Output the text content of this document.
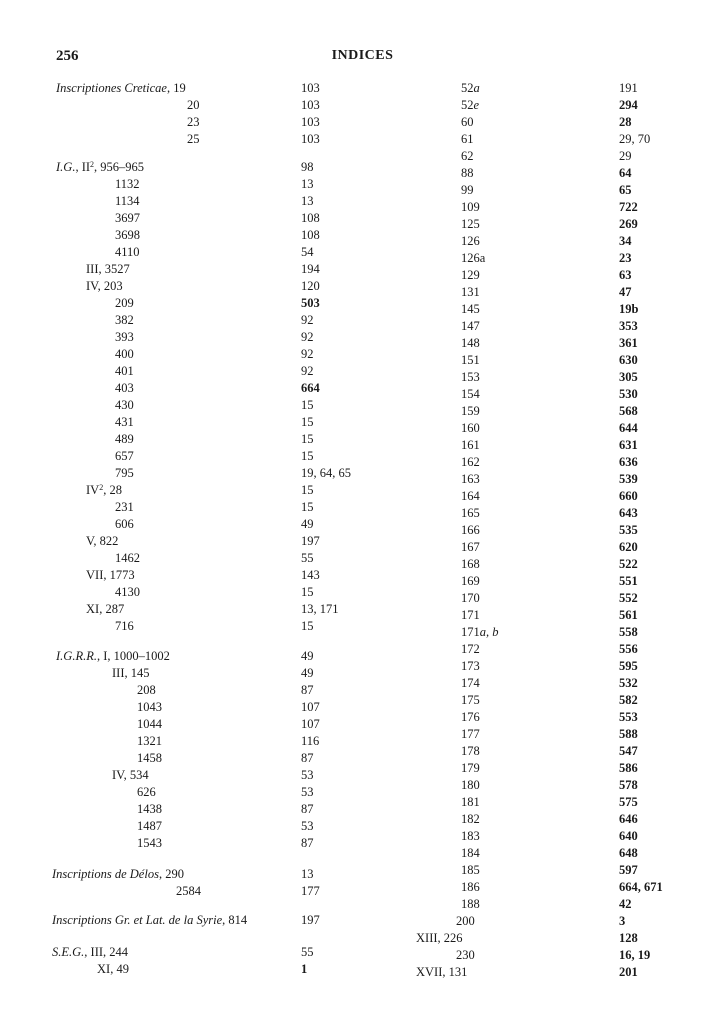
256	INDICES
Inscriptiones Creticae, 19	103
20	103
23	103
25	103
I.G., $II^2$, 956–965	98
1132	13
1134	13
3697	108
3698	108
4110	54
III, 3527	194
IV, 203	120
209	503
382	92
393	92
400	92
401	92
403	664
430	15
431	15
489	15
657	15
795	19, 64, 65
$IV^2$, 28	15
231	15
606	49
V, 822	197
1462	55
VII, 1773	143
4130	15
XI, 287	13, 171
716	15
I.G.R.R., I, 1000–1002	49
III, 145	49
208	87
1043	107
1044	107
1321	116
1458	87
IV, 534	53
626	53
1438	87
1487	53
1543	87
Inscriptions de Délos, 290	13
2584	177
Inscriptions Gr. et Lat. de la Syrie, 814	197
S.E.G., III, 244	55
XI, 49	1
52a	191
52e	294
60	28
61	29, 70
62	29
88	64
99	65
109	722
125	269
126	34
126a	23
129	63
131	47
145	19b
147	353
148	361
151	630
153	305
154	530
159	568
160	644
161	631
162	636
163	539
164	660
165	643
166	535
167	620
168	522
169	551
170	552
171	561
171a, b	558
172	556
173	595
174	532
175	582
176	553
177	588
178	547
179	586
180	578
181	575
182	646
183	640
184	648
185	597
186	664, 671
188	42
200	3
XIII, 226	128
230	16, 19
XVII, 131	201
